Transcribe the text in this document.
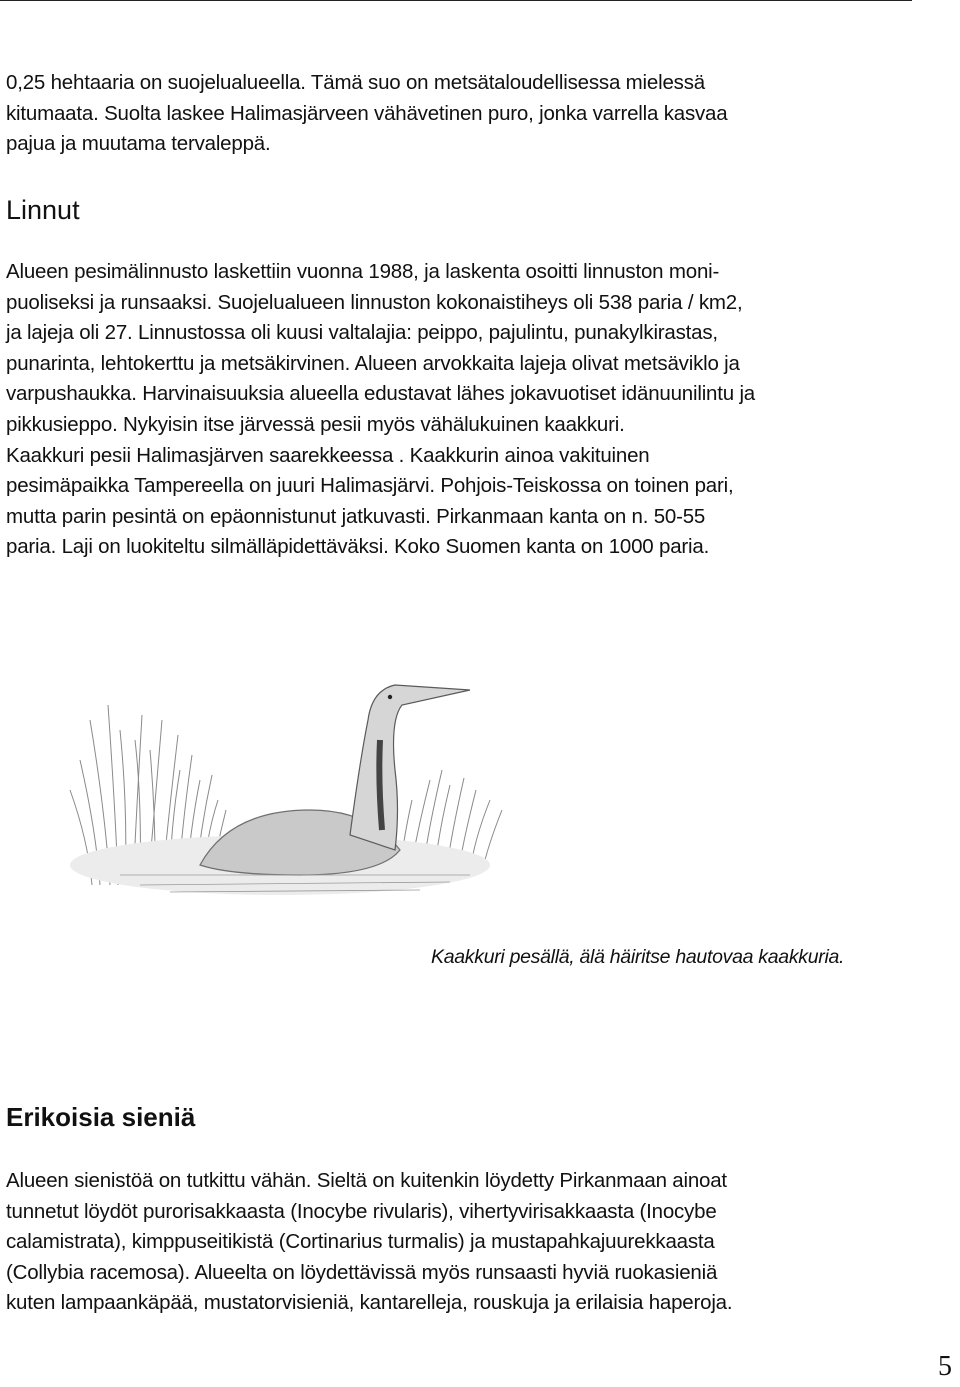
0,25 hehtaaria on suojelualueella. Tämä suo on metsätaloudellisessa mielessä
kitumaata. Suolta laskee Halimasjärveen vähävetinen puro, jonka varrella kasvaa
pajua ja muutama tervaleppä.

Linnut

Alueen pesimälinnusto laskettiin vuonna 1988, ja laskenta osoitti linnuston moni-
puoliseksi ja runsaaksi. Suojelualueen linnuston kokonaistiheys oli 538 paria / km2,
ja lajeja oli 27. Linnustossa oli kuusi valtalajia: peippo, pajulintu, punakylkirastas,
punarinta, lehtokerttu ja metsäkirvinen. Alueen arvokkaita lajeja olivat metsäviklo ja
varpushaukka. Harvinaisuuksia alueella edustavat lähes jokavuotiset idänuunilintu ja
pikkusieppo. Nykyisin itse järvessä pesii myös vähälukuinen kaakkuri.
Kaakkuri pesii Halimasjärven saarekkeessa . Kaakkurin ainoa vakituinen
pesimäpaikka Tampereella on juuri Halimasjärvi. Pohjois-Teiskossa on toinen pari,
mutta parin pesintä on epäonnistunut jatkuvasti. Pirkanmaan kanta on n. 50-55
paria. Laji on luokiteltu silmälläpidettäväksi. Koko Suomen kanta on 1000 paria.

Kaakkuri pesällä, älä häiritse hautovaa kaakkuria.
Erikoisia sieniä

Alueen sienistöä on tutkittu vähän. Sieltä on kuitenkin löydetty Pirkanmaan ainoat
tunnetut löydöt purorisakkaasta (Inocybe rivularis), vihertyvirisakkaasta (Inocybe
calamistrata), kimppuseitikistä (Cortinarius turmalis) ja mustapahkajuurekkaasta
(Collybia racemosa). Alueelta on löydettävissä myös runsaasti hyviä ruokasieniä
kuten lampaankäpää, mustatorvisieniä, kantarelleja, rouskuja ja erilaisia haperoja.

5
